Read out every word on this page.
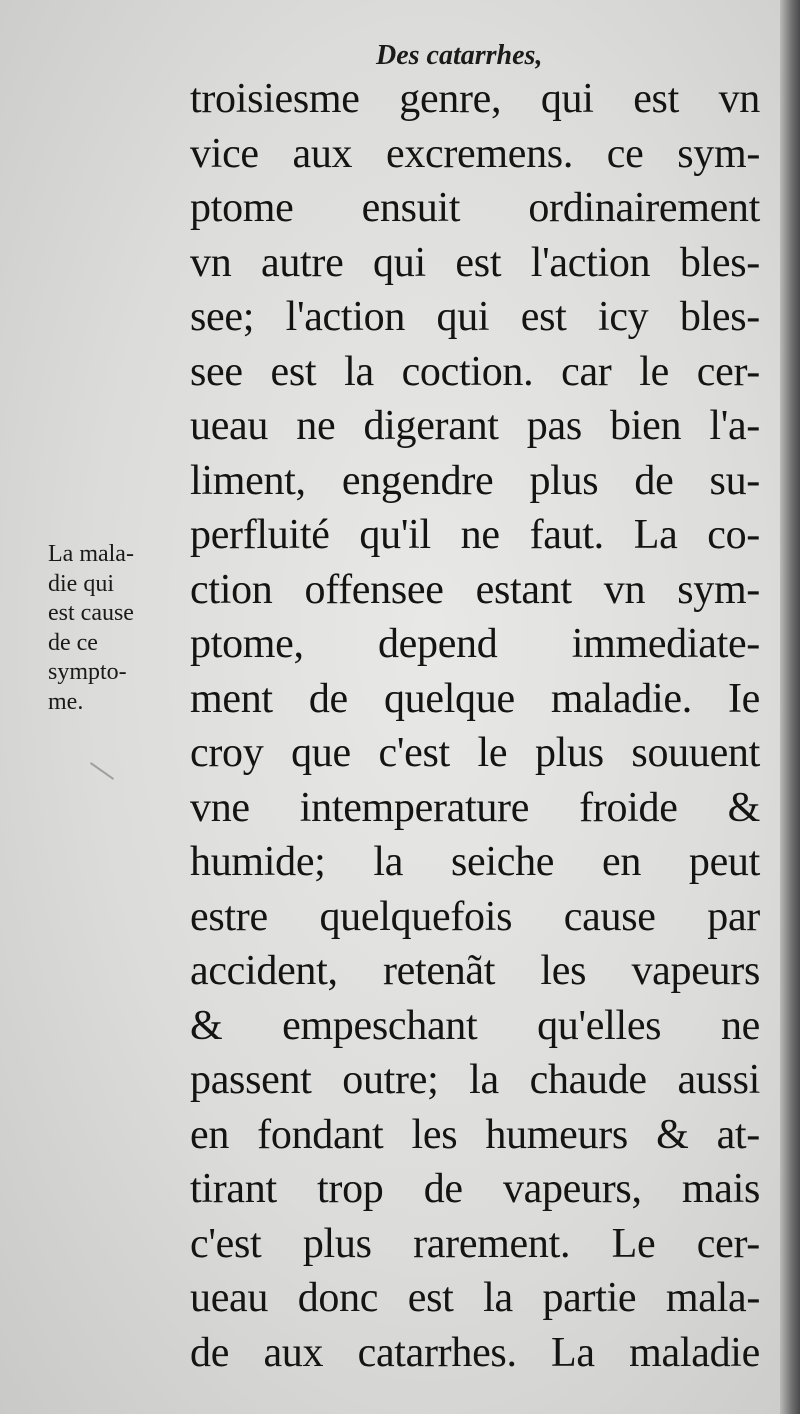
Des catarrhes,
La mala-
die qui
est cause
de ce
sympto-
me.
troisiesme genre, qui est vn
vice aux excremens. ce sym-
ptome ensuit ordinairement
vn autre qui est l'action bles-
see; l'action qui est icy bles-
see est la coction. car le cer-
ueau ne digerant pas bien l'a-
liment, engendre plus de su-
perfluité qu'il ne faut. La co-
ction offensee estant vn sym-
ptome, depend immediate-
ment de quelque maladie. Ie
croy que c'est le plus souuent
vne intemperature froide &
humide; la seiche en peut
estre quelquefois cause par
accident, retenãt les vapeurs
& empeschant qu'elles ne
passent outre; la chaude aussi
en fondant les humeurs & at-
tirant trop de vapeurs, mais
c'est plus rarement. Le cer-
ueau donc est la partie mala-
de aux catarrhes. La maladie
